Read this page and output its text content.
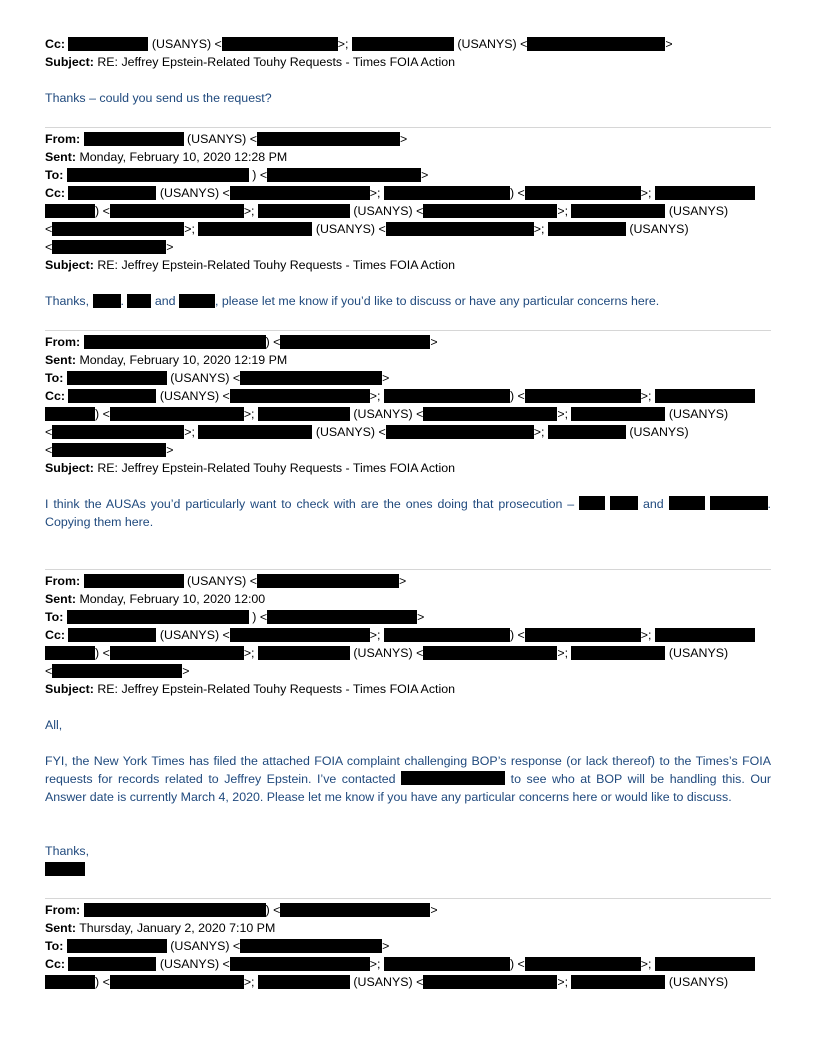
Cc:	(USANYS) <	>;	(USANYS) <	>
Subject: RE: Jeffrey Epstein-Related Touhy Requests - Times FOIA Action
Thanks – could you send us the request?
From:	(USANYS) <	>
Sent: Monday, February 10, 2020 12:28 PM
To:	) <	>
Cc:	(USANYS) <	>;	) <	>;
) <	>;	(USANYS) <	>;	(USANYS)
<	>;	(USANYS) <	>;	(USANYS)
<	>
Subject: RE: Jeffrey Epstein-Related Touhy Requests - Times FOIA Action
Thanks,	. and	, please let me know if you’d like to discuss or have any particular concerns here.
From:	) <	>
Sent: Monday, February 10, 2020 12:19 PM
To:	(USANYS) <	>
Cc:	(USANYS) <	>;	) <	>;
) <	>;	(USANYS) <	>;	(USANYS)
<	>;	(USANYS) <	>;	(USANYS)
<	>
Subject: RE: Jeffrey Epstein-Related Touhy Requests - Times FOIA Action
I think the AUSAs you’d particularly want to check with are the ones doing that prosecution –	and	. Copying them here.
From:	(USANYS) <	>
Sent: Monday, February 10, 2020 12:00
To:	) <	>
Cc:	(USANYS) <	>;	) <	>;
) <	>;	(USANYS) <	>;	(USANYS)
<	>
Subject: RE: Jeffrey Epstein-Related Touhy Requests - Times FOIA Action
All,
FYI, the New York Times has filed the attached FOIA complaint challenging BOP’s response (or lack thereof) to the Times’s FOIA requests for records related to Jeffrey Epstein. I’ve contacted	to see who at BOP will be handling this. Our Answer date is currently March 4, 2020. Please let me know if you have any particular concerns here or would like to discuss.
Thanks,
From:	) <	>
Sent: Thursday, January 2, 2020 7:10 PM
To:	(USANYS) <	>
Cc:	(USANYS) <	>;	) <	>;
) <	>;	(USANYS) <	>;	(USANYS)
